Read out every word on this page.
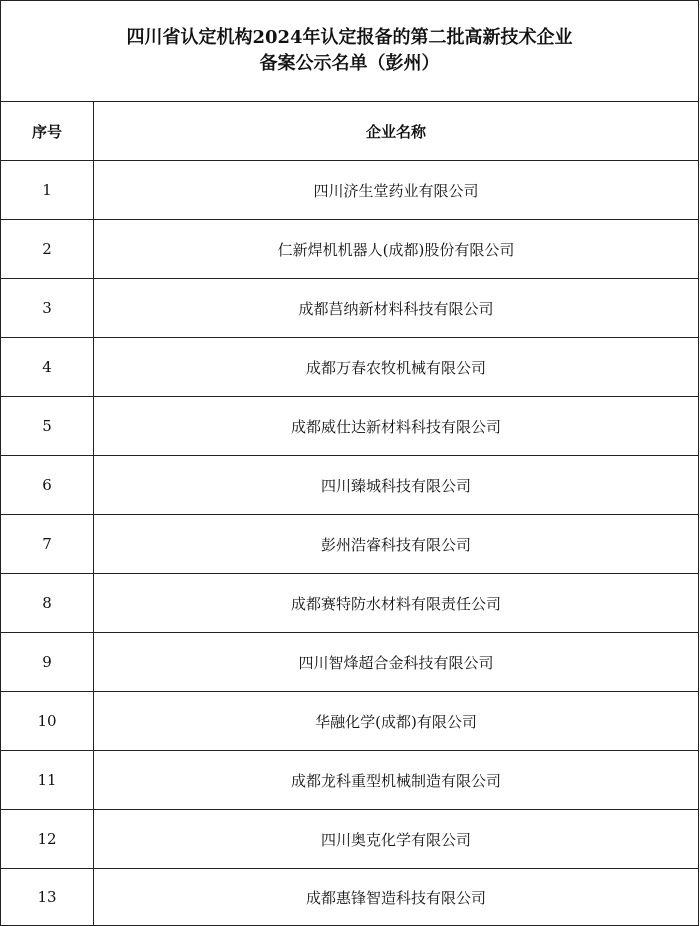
四川省认定机构2024年认定报备的第二批高新技术企业
备案公示名单（彭州）	

序号	企业名称
1	四川济生堂药业有限公司
2	仁新焊机机器人(成都)股份有限公司
3	成都莒纳新材料科技有限公司
4	成都万春农牧机械有限公司
5	成都威仕达新材料科技有限公司
6	四川臻城科技有限公司
7	彭州浩睿科技有限公司
8	成都赛特防水材料有限责任公司
9	四川智烽超合金科技有限公司
10	华融化学(成都)有限公司
11	成都龙科重型机械制造有限公司
12	四川奥克化学有限公司
13	成都惠锋智造科技有限公司
